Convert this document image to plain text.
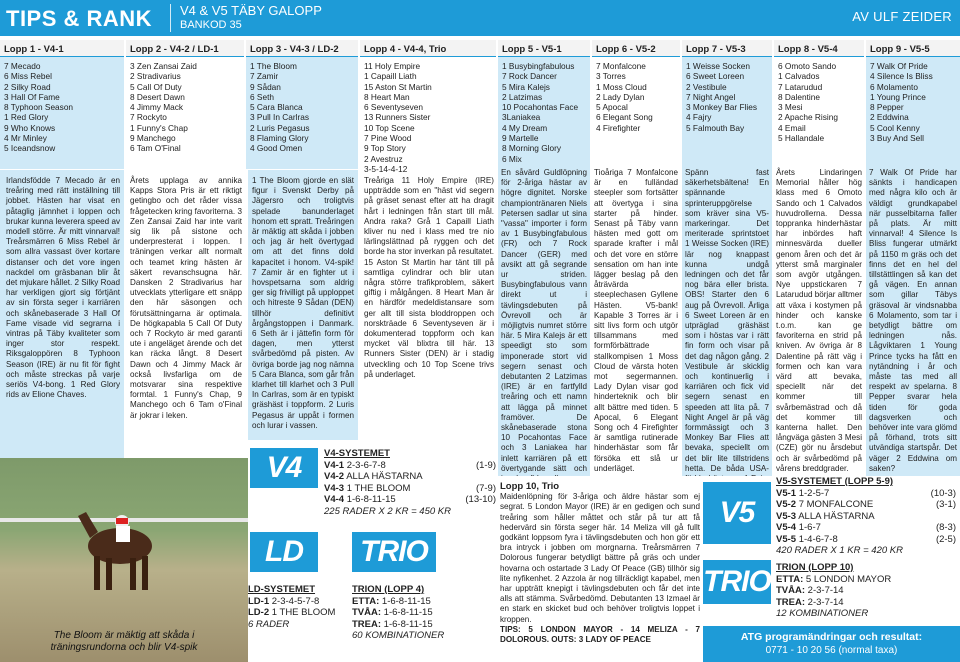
TIPS & RANK V4 & V5 TÄBY GALOPP
BANKOD 35
AV ULF ZEIDER
Lopp 1 - V4-1
7 Mecado
6 Miss Rebel
2 Silky Road
3 Hall Of Fame
8 Typhoon Season
1 Red Glory
9 Who Knows
4 Mr Minley
5 Iceandsnow
Lopp 2 - V4-2 / LD-1
3 Zen Zansai Zaid
2 Stradivarius
5 Call Of Duty
8 Desert Dawn
4 Jimmy Mack
7 Rockyto
1 Funny's Chap
9 Manchego
6 Tam O'Final
Lopp 3 - V4-3 / LD-2
1 The Bloom
7 Zamir
9 Sådan
6 Seth
5 Cara Blanca
3 Pull In Carlras
2 Luris Pegasus
8 Flaming Glory
4 Good Omen
Lopp 4 - V4-4, Trio
11 Holy Empire
1 Capaill Liath
15 Aston St Martin
8 Heart Man
6 Seventyseven
13 Runners Sister
10 Top Scene
7 Pine Wood
9 Top Story
2 Avestruz
3-5-14-4-12
Lopp 5 - V5-1
1 Busybingfabulous
7 Rock Dancer
5 Mira Kalejs
2 Latzimas
10 Pocahontas Face
3Laniakea
4 My Dream
9 Martelle
8 Morning Glory
6 Mix
Lopp 6 - V5-2
7 Monfalcone
3 Torres
1 Moss Cloud
2 Lady Dylan
5 Apocal
6 Elegant Song
4 Firefighter
Lopp 7 - V5-3
1 Weisse Socken
6 Sweet Loreen
2 Vestibule
7 Night Angel
3 Monkey Bar Flies
4 Fajry
5 Falmouth Bay
Lopp 8 - V5-4
6 Omoto Sando
1 Calvados
7 Latarudud
8 Dalentine
3 Mesi
2 Apache Rising
4 Email
5 Hallandale
Lopp 9 - V5-5
7 Walk Of Pride
4 Silence Is Bliss
6 Molamento
1 Young Prince
8 Pepper
2 Eddwina
5 Cool Kenny
3 Buy And Sell

Irlandsfödde 7 Mecado är en treåring med rätt inställning till jobbet. Hästen har visat en påtaglig jämnhet i loppen och brukar kunna leverera speed av modell större. Är mitt vinnarval! Treårsmärren 6 Miss Rebel är som allra vassast över kortare distanser och det vore ingen nackdel om gräsbanan blir åt det mjukare hållet. 2 Silky Road har verkligen gjort sig förtjänt av sin första seger i karriären och skånebaserade 3 Hall Of Fame visade vid segrarna i vintras på Täby kvaliteter som inger stor respekt. Riksgaloppören 8 Typhoon Season (IRE) är nu fit för fight och måste streckas på varje seriös V4-bong. 1 Red Glory rids av Elione Chaves.

Årets upplaga av annika Kapps Stora Pris är ett riktigt getingbo och det råder vissa frågetecken kring favoriterna. 3 Zen Zansai Zaid har inte varit sig lik på sistone och underpresterat i loppen. I träningen verkar allt normalt och teamet kring hästen är säkert revanschsugna här. Dansken 2 Stradivarius har utvecklats ytterligare ett snäpp den här säsongen och förutsättningarna är optimala. De högkapabla 5 Call Of Duty och 7 Rockyto är med garanti ute i angeläget ärende och det kan räcka långt. 8 Desert Dawn och 4 Jimmy Mack är också livsfarliga om de motsvarar sina respektive formtal. 1 Funny's Chap, 9 Manchego och 6 Tam o'Final är jokrar i leken.

1 The Bloom gjorde en slät figur i Svenskt Derby på Jägersro och troligtvis spelade banunderlaget honom ett spratt. Treåringen är mäktig att skåda i jobben och jag är helt övertygad om att det finns dold kapacitet i honom. V4-spik! 7 Zamir är en fighter ut i hovspetsarna som aldrig ger sig frivilligt på upploppet och hitreste 9 Sådan (DEN) tillhör definitivt årgångstoppen i Danmark. 6 Seth är i jättefin form för dagen, men ytterst svårbedömd på pisten. Av övriga borde jag nog nämna 5 Cara Blanca, som går från klarhet till klarhet och 3 Pull In Carlras, som är en typiskt gräshäst i toppform. 2 Luris Pegasus är uppåt i formen och lurar i vassen.

Treåriga 11 Holy Empire (IRE) uppträdde som en "häst vid segern på gräset senast efter att ha dragit hårt i ledningen från start till mål. Andra raka? Grå 1 Capaill Liath kliver nu ned i klass med tre nio lärlingslättnad på ryggen och det borde ha stor inverkan på resultatet. 15 Aston St Martin har tänt till på samtliga cylindrar och blir utan några större trafikproblem, säkert giftig i målgången. 8 Heart Man är en härdför medeldistansare som ger allt till sista bloddroppen och norskträade 6 Seventyseven är i dokumenterad toppform och kan mycket väl blixtra till här. 13 Runners Sister (DEN) är i stadig utveckling och 10 Top Scene trivs på underlaget.

En såvärd Guldlöpning för 2-åriga hästar av högre dignitet. Norske championtränaren Niels Petersen sadlar ut sina "vassa" importer i form av 1 Busybingfabulous (FR) och 7 Rock Dancer (GER) med avsikt att gå segrande ur striden. Busybingfabulous vann direkt ut i tävlingsdebuten på Övrevoll och är möjligtvis numret större här. 5 Mira Kalejs är ett speedigt sto som imponerade stort vid segern senast och debutanten 2 Latzimas (IRE) är en fartfylld treåring och ett namn att lägga på minnet framöver. De skånebaserade stona 10 Pocahontas Face och 3 Laniakea har inlett karriären på ett övertygande sätt och

Tioåriga 7 Monfalcone är en fulländad steepler som fortsätter att övertyga i sina starter på hinder. Senast på Täby vann hästen med gott om sparade krafter i mål och det vore en större sensation om han inte lägger beslag på den åträvärda steeplechasen Gyllene Hästen. V5-bank! Kapable 3 Torres är i sitt livs form och utgör tillsammans med formförbättrade stallkompisen 1 Moss Cloud de värsta hoten mot segermannen. Lady Dylan visar god hinderteknik och blir allt bättre med tiden. 5 Apocal, 6 Elegant Song och 4 Firefighter är samtliga rutinerade hinderhästar som får försöka ett slå ur underläget.

Spänn fast säkerhetsbältena! En spännande sprinteruppgörelse som kräver sina V5-markeringar. Det meriterade sprintstoet 1 Weisse Socken (IRE) lär nog knappast kunna undgå ledningen och det får nog bära eller brista. OBS! Starter den 6 aug på Övrevoll. Ärliga 6 Sweet Loreen är en utpräglad gräshäst som i höstas var i rätt fin form och visar på det dag någon gång. 2 Vestibule är skicklig och kontinuerlig i karriären och fick vid segern senast en speeden att lita på. 7 Night Angel är på väg formmässigt och 3 Monkey Bar Flies att bevaka, speciellt om det blir lite tillstridens hetta. De båda USA-

Årets Lindaringen Memorial håller hög klass med 6 Omoto Sando och 1 Calvados huvudrollerna. Dessa toppranka hinderhästar har inbördes haft minnesvärda dueller genom åren och det är ytterst små marginaler som avgör utgången. Nye uppstickaren 7 Latarudud börjar alltmer att växa i kostymen på hinder och kanske t.o.m. kan ge favoriterna en strid på kniven. Av övriga är 8 Dalentine på rätt väg i formen och kan vara värd att bevaka, speciellt när det kommer till svårbemästrad och då det kommer till kanterna hallet. Den långväga gästen 3 Mesi (CZE) gör nu årsdebut och är svårbedömd på vårens breddgrader.

7 Walk Of Pride har sänkts i handicapen med några kilo och är väldigt grundkapabel när pusselbitarna faller på plats. Är mitt vinnarval! 4 Silence Is Bliss fungerar utmärkt på 1150 m gräs och det finns det en hel del tillstättlingen så kan det gå vägen. En annan som gillar Täbys gräsoval är vindsnabba 6 Molamento, som tar i betydligt bättre om ledningen nås. Lågviktaren 1 Young Prince tycks ha fått en nytändning i år och måste tas med all respekt av spelarna. 8 Pepper svarar hela tiden för goda dagsverken och behöver inte vara glömd på förhand, trots sitt utvändiga startspår. Det väger 2 Eddwina om saken?

The Bloom är mäktig att skåda i
träningsrundorna och blir V4-spik
V4
LD TRIO
V5
TRIO
V4-SYSTEMET
V4-1 2-3-6-7-8	(1-9)
V4-2 ALLA HÄSTARNA
V4-3 1 THE BLOOM	(7-9)
V4-4 1-6-8-11-15	(13-10)
225 RADER X 2 KR = 450 KR
LD-SYSTEMET
LD-1 2-3-4-5-7-8
LD-2 1 THE BLOOM
6 RADER
TRION (LOPP 4)
ETTA: 1-6-8-11-15
TVÅA: 1-6-8-11-15
TREA: 1-6-8-11-15
60 KOMBINATIONER
Lopp 10, Trio

Maidenlöpning för 3-åriga och äldre hästar som ej segrat. 5 London Mayor (IRE) är en gedigen och sund treåring som håller måttet och står på tur att få hedervärd sin första seger här. 14 Meliza vill gå fullt godkänt loppsom fyra i tävlingsdebuten och hon gör ett bra intryck i jobben om morgnarna. Treårsmärren 7 Dolorous fungerar betydligt bättre på gräs och under hovarna och ostartade 3 Lady Of Peace (GB) tillhör sig lite nyfikenhet. 2 Azzola är nog tillräckligt kapabel, men har uppträtt knepigt i tävlingsdebuten och får det inte alls att stämma. Svårbedömd. Debutanten 13 Izmael är en stark en skicket bud och behöver troligtvis loppet i kroppen.

TIPS: 5 LONDON MAYOR - 14 MELIZA - 7 DOLOROUS. OUTS: 3 LADY OF PEACE

V5-SYSTEMET (LOPP 5-9)
V5-1 1-2-5-7	(10-3)
V5-2 7 MONFALCONE	(3-1)
V5-3 ALLA HÄSTARNA
V5-4 1-6-7	(8-3)
V5-5 1-4-6-7-8	(2-5)
420 RADER X 1 KR = 420 KR
TRION (LOPP 10)
ETTA: 5 LONDON MAYOR
TVÅA: 2-3-7-14
TREA: 2-3-7-14
12 KOMBINATIONER
ATG programändringar och resultat:
0771 - 10 20 56 (normal taxa)
